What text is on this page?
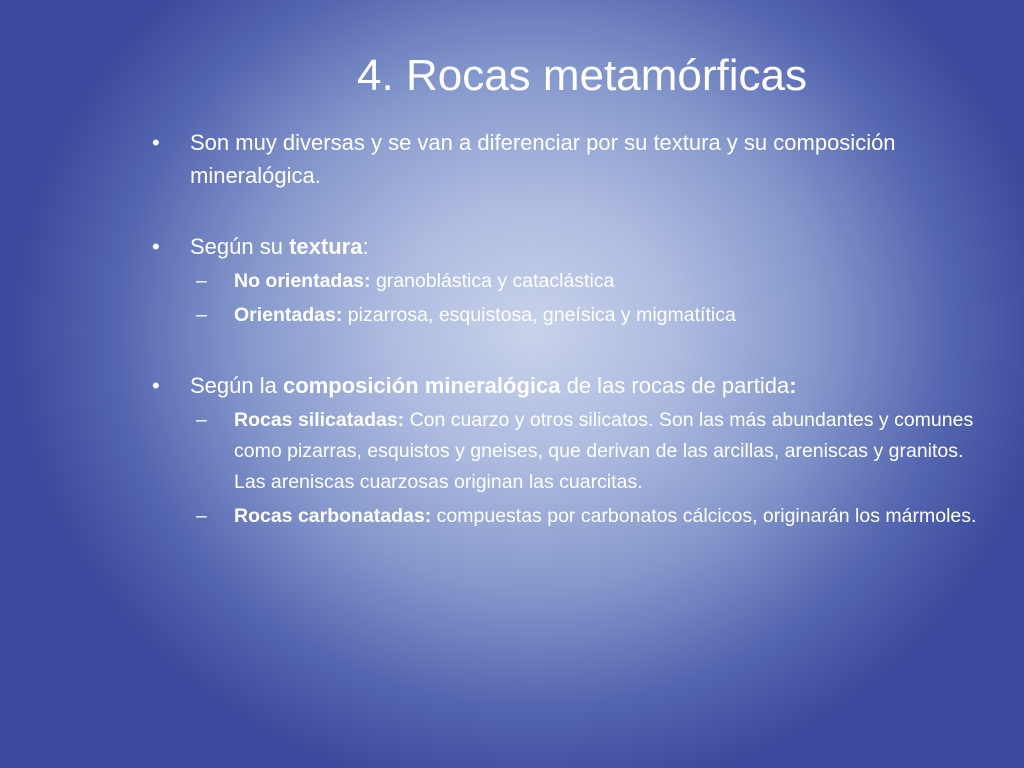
4. Rocas metamórficas
• Son muy diversas y se van a diferenciar por su textura y su composición mineralógica.
• Según su textura:
– No orientadas: granoblástica y cataclástica
– Orientadas: pizarrosa, esquistosa, gneísica y migmatítica
• Según la composición mineralógica de las rocas de partida:
– Rocas silicatadas: Con cuarzo y otros silicatos. Son las más abundantes y comunes como pizarras, esquistos y gneises, que derivan de las arcillas, areniscas y granitos. Las areniscas cuarzosas originan las cuarcitas.
– Rocas carbonatadas: compuestas por carbonatos cálcicos, originarán los mármoles.
